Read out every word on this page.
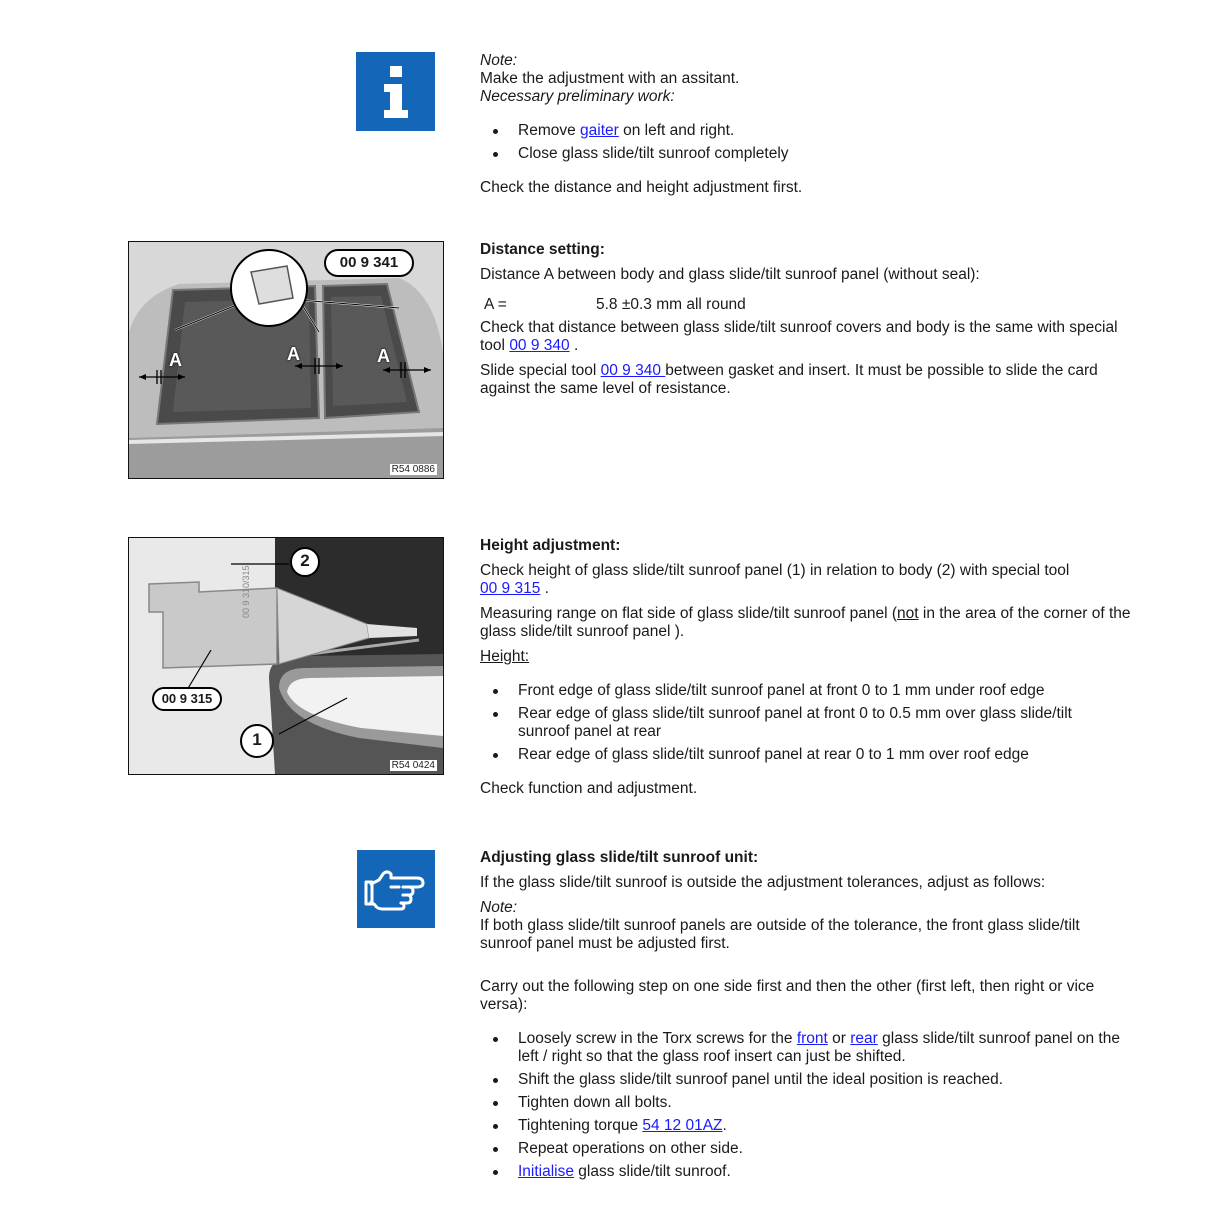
Note:
Make the adjustment with an assitant.
Necessary preliminary work:
Remove gaiter on left and right.
Close glass slide/tilt sunroof completely
Check the distance and height adjustment first.
00 9 341
A	A	A
R54 0886
Distance setting:
Distance A between body and glass slide/tilt sunroof panel (without seal):
A =	5.8 ±0.3 mm all round
Check that distance between glass slide/tilt sunroof covers and body is the same with special tool 00 9 340 .
Slide special tool 00 9 340 between gasket and insert. It must be possible to slide the card against the same level of resistance.
2
1
00 9 315
00 9 310/315
R54 0424
Height adjustment:
Check height of glass slide/tilt sunroof panel (1) in relation to body (2) with special tool 00 9 315 .
Measuring range on flat side of glass slide/tilt sunroof panel (not in the area of the corner of the glass slide/tilt sunroof panel ).
Height:
Front edge of glass slide/tilt sunroof panel at front 0 to 1 mm under roof edge
Rear edge of glass slide/tilt sunroof panel at front 0 to 0.5 mm over glass slide/tilt sunroof panel at rear
Rear edge of glass slide/tilt sunroof panel at rear 0 to 1 mm over roof edge
Check function and adjustment.
Adjusting glass slide/tilt sunroof unit:
If the glass slide/tilt sunroof is outside the adjustment tolerances, adjust as follows:
Note:
If both glass slide/tilt sunroof panels are outside of the tolerance, the front glass slide/tilt sunroof panel must be adjusted first.
Carry out the following step on one side first and then the other (first left, then right or vice versa):
Loosely screw in the Torx screws for the front or rear glass slide/tilt sunroof panel on the left / right so that the glass roof insert can just be shifted.
Shift the glass slide/tilt sunroof panel until the ideal position is reached.
Tighten down all bolts.
Tightening torque 54 12 01AZ.
Repeat operations on other side.
Initialise glass slide/tilt sunroof.
